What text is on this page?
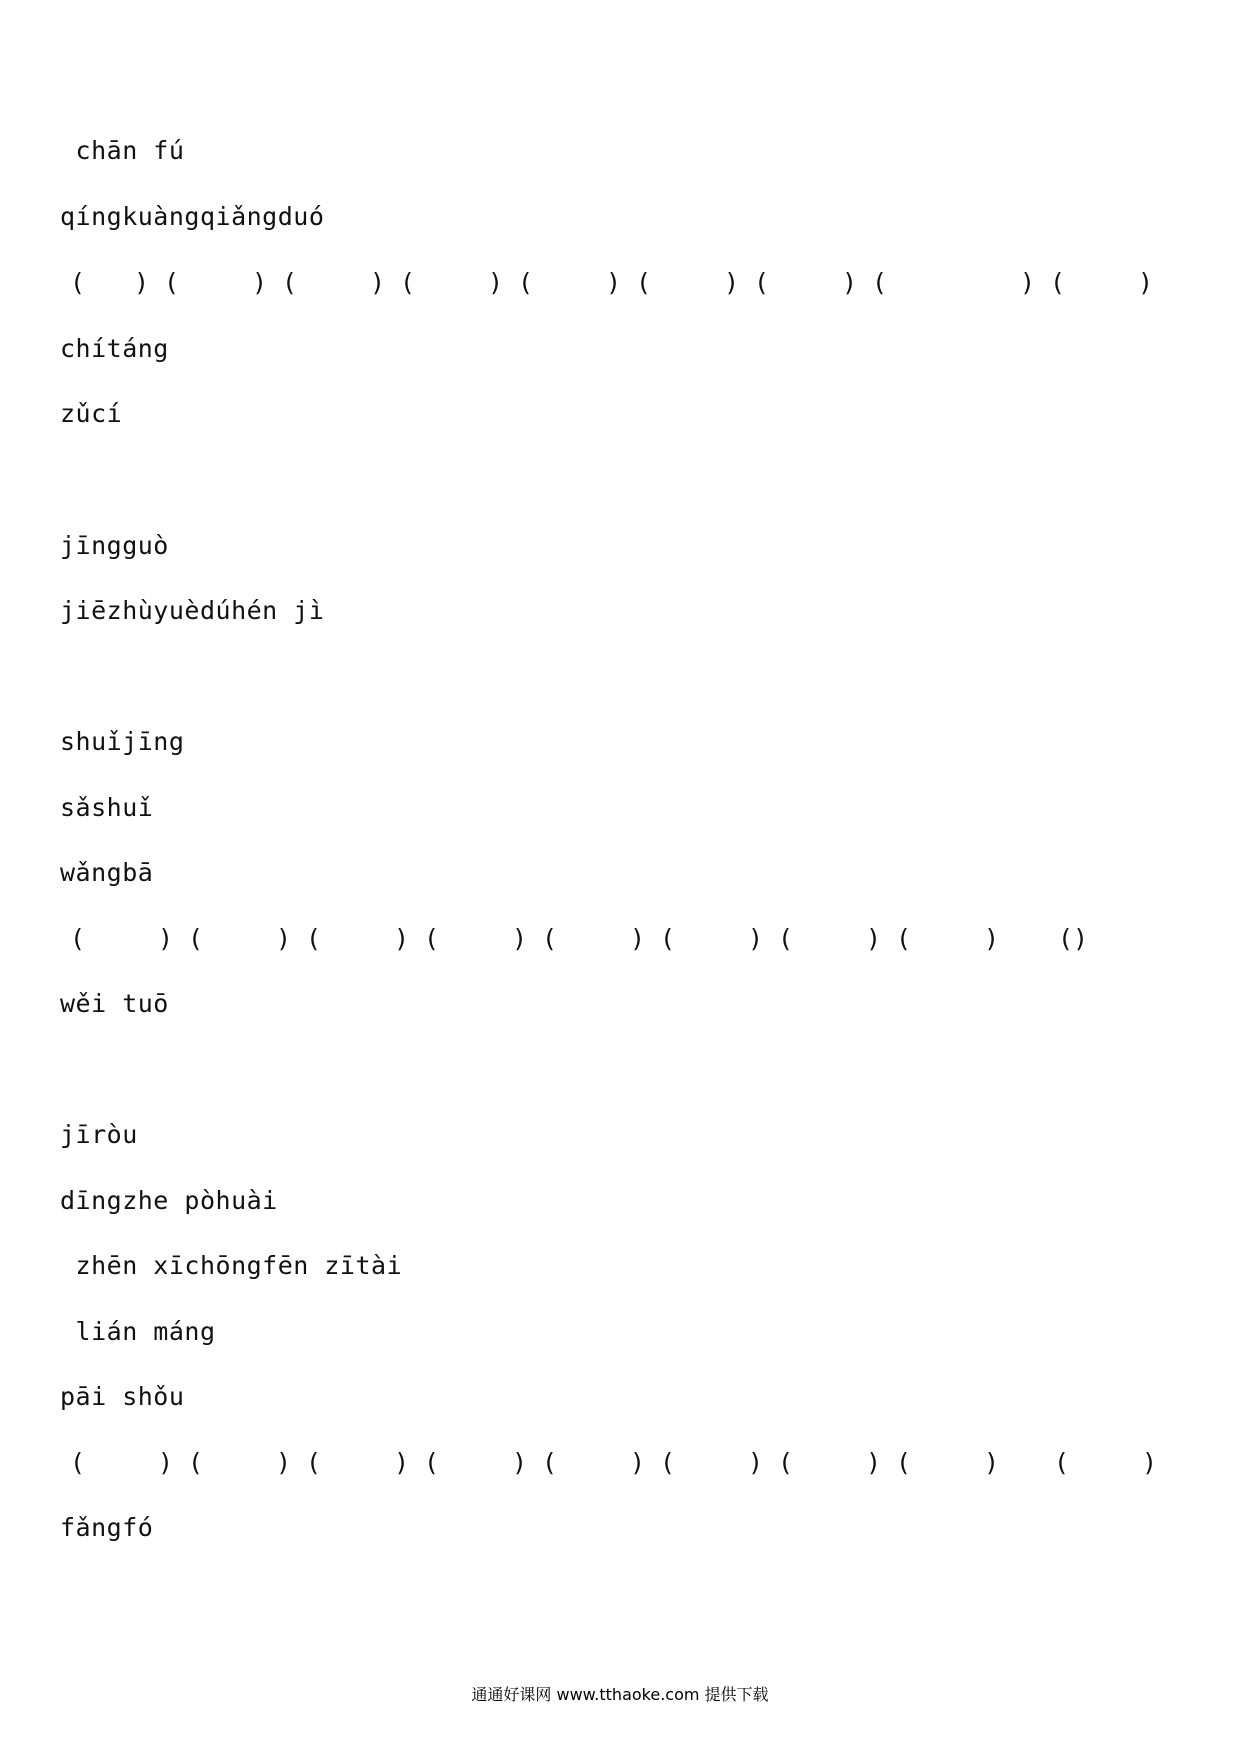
chān fú
qíngkuàngqiǎngduó
( ) (	) (	) (	) (	) (	) (	) (	) (	)
chítáng
zǔcí
jīngguò
jiēzhùyuèdúhén jì
shuǐjīng
sǎshuǐ
wǎngbā
(	) (	) (	) (	) (	) (	) (	) (	) ()
wěi tuō
jīròu
dīngzhe pòhuài
zhēn xīchōngfēn zītài
lián máng
pāi shǒu
(	) (	) (	) (	) (	) (	) (	) (	) (	)
fǎngfó
通通好课网 www.tthaoke.com 提供下载
